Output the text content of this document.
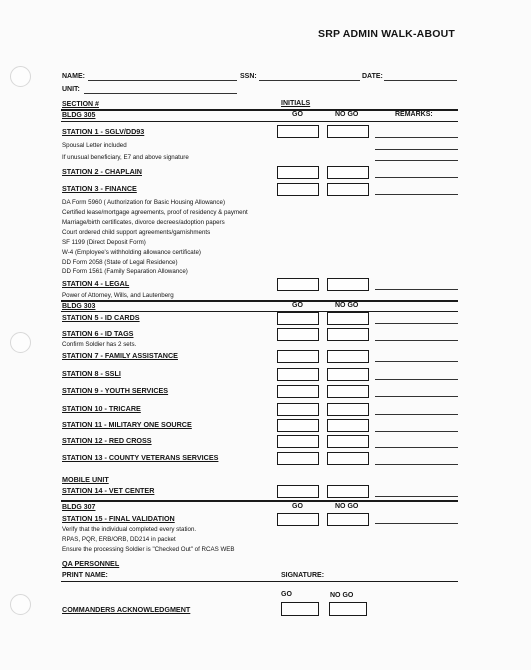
SRP ADMIN WALK-ABOUT
NAME:	SSN:	DATE:
UNIT:
SECTION #	INITIALS
BLDG 305	GO	NO GO	REMARKS:
STATION 1 - SGLV/DD93
Spousal Letter included
If unusual beneficiary, E7 and above signature
STATION 2 - CHAPLAIN
STATION 3 - FINANCE
DA Form 5960 ( Authorization for Basic Housing Allowance)
Certified lease/mortgage agreements, proof of residency & payment
Marriage/birth certificates, divorce decrees/adoption papers
Court ordered child support agreements/garnishments
SF 1199 (Direct Deposit Form)
W-4 (Employee's withholding allowance certificate)
DD Form 2058 (State of Legal Residence)
DD Form 1561 (Family Separation Allowance)
STATION 4 - LEGAL
Power of Attorney, Wills, and Lautenberg
BLDG 303	GO	NO GO
STATION 5 - ID CARDS
STATION 6 - ID TAGS
Confirm Soldier has 2 sets.
STATION 7 - FAMILY ASSISTANCE
STATION 8 - SSLI
STATION 9 - YOUTH SERVICES
STATION 10 - TRICARE
STATION 11 - MILITARY ONE SOURCE
STATION 12 - RED CROSS
STATION 13 - COUNTY VETERANS SERVICES
MOBILE UNIT
STATION 14 - VET CENTER
BLDG 307	GO	NO GO
STATION 15 - FINAL VALIDATION
Verify that the individual completed every station.
RPAS, PQR, ERB/ORB, DD214 in packet
Ensure the processing Soldier is "Checked Out" of RCAS WEB
QA PERSONNEL
PRINT NAME:	SIGNATURE:
GO	NO GO
COMMANDERS ACKNOWLEDGMENT
